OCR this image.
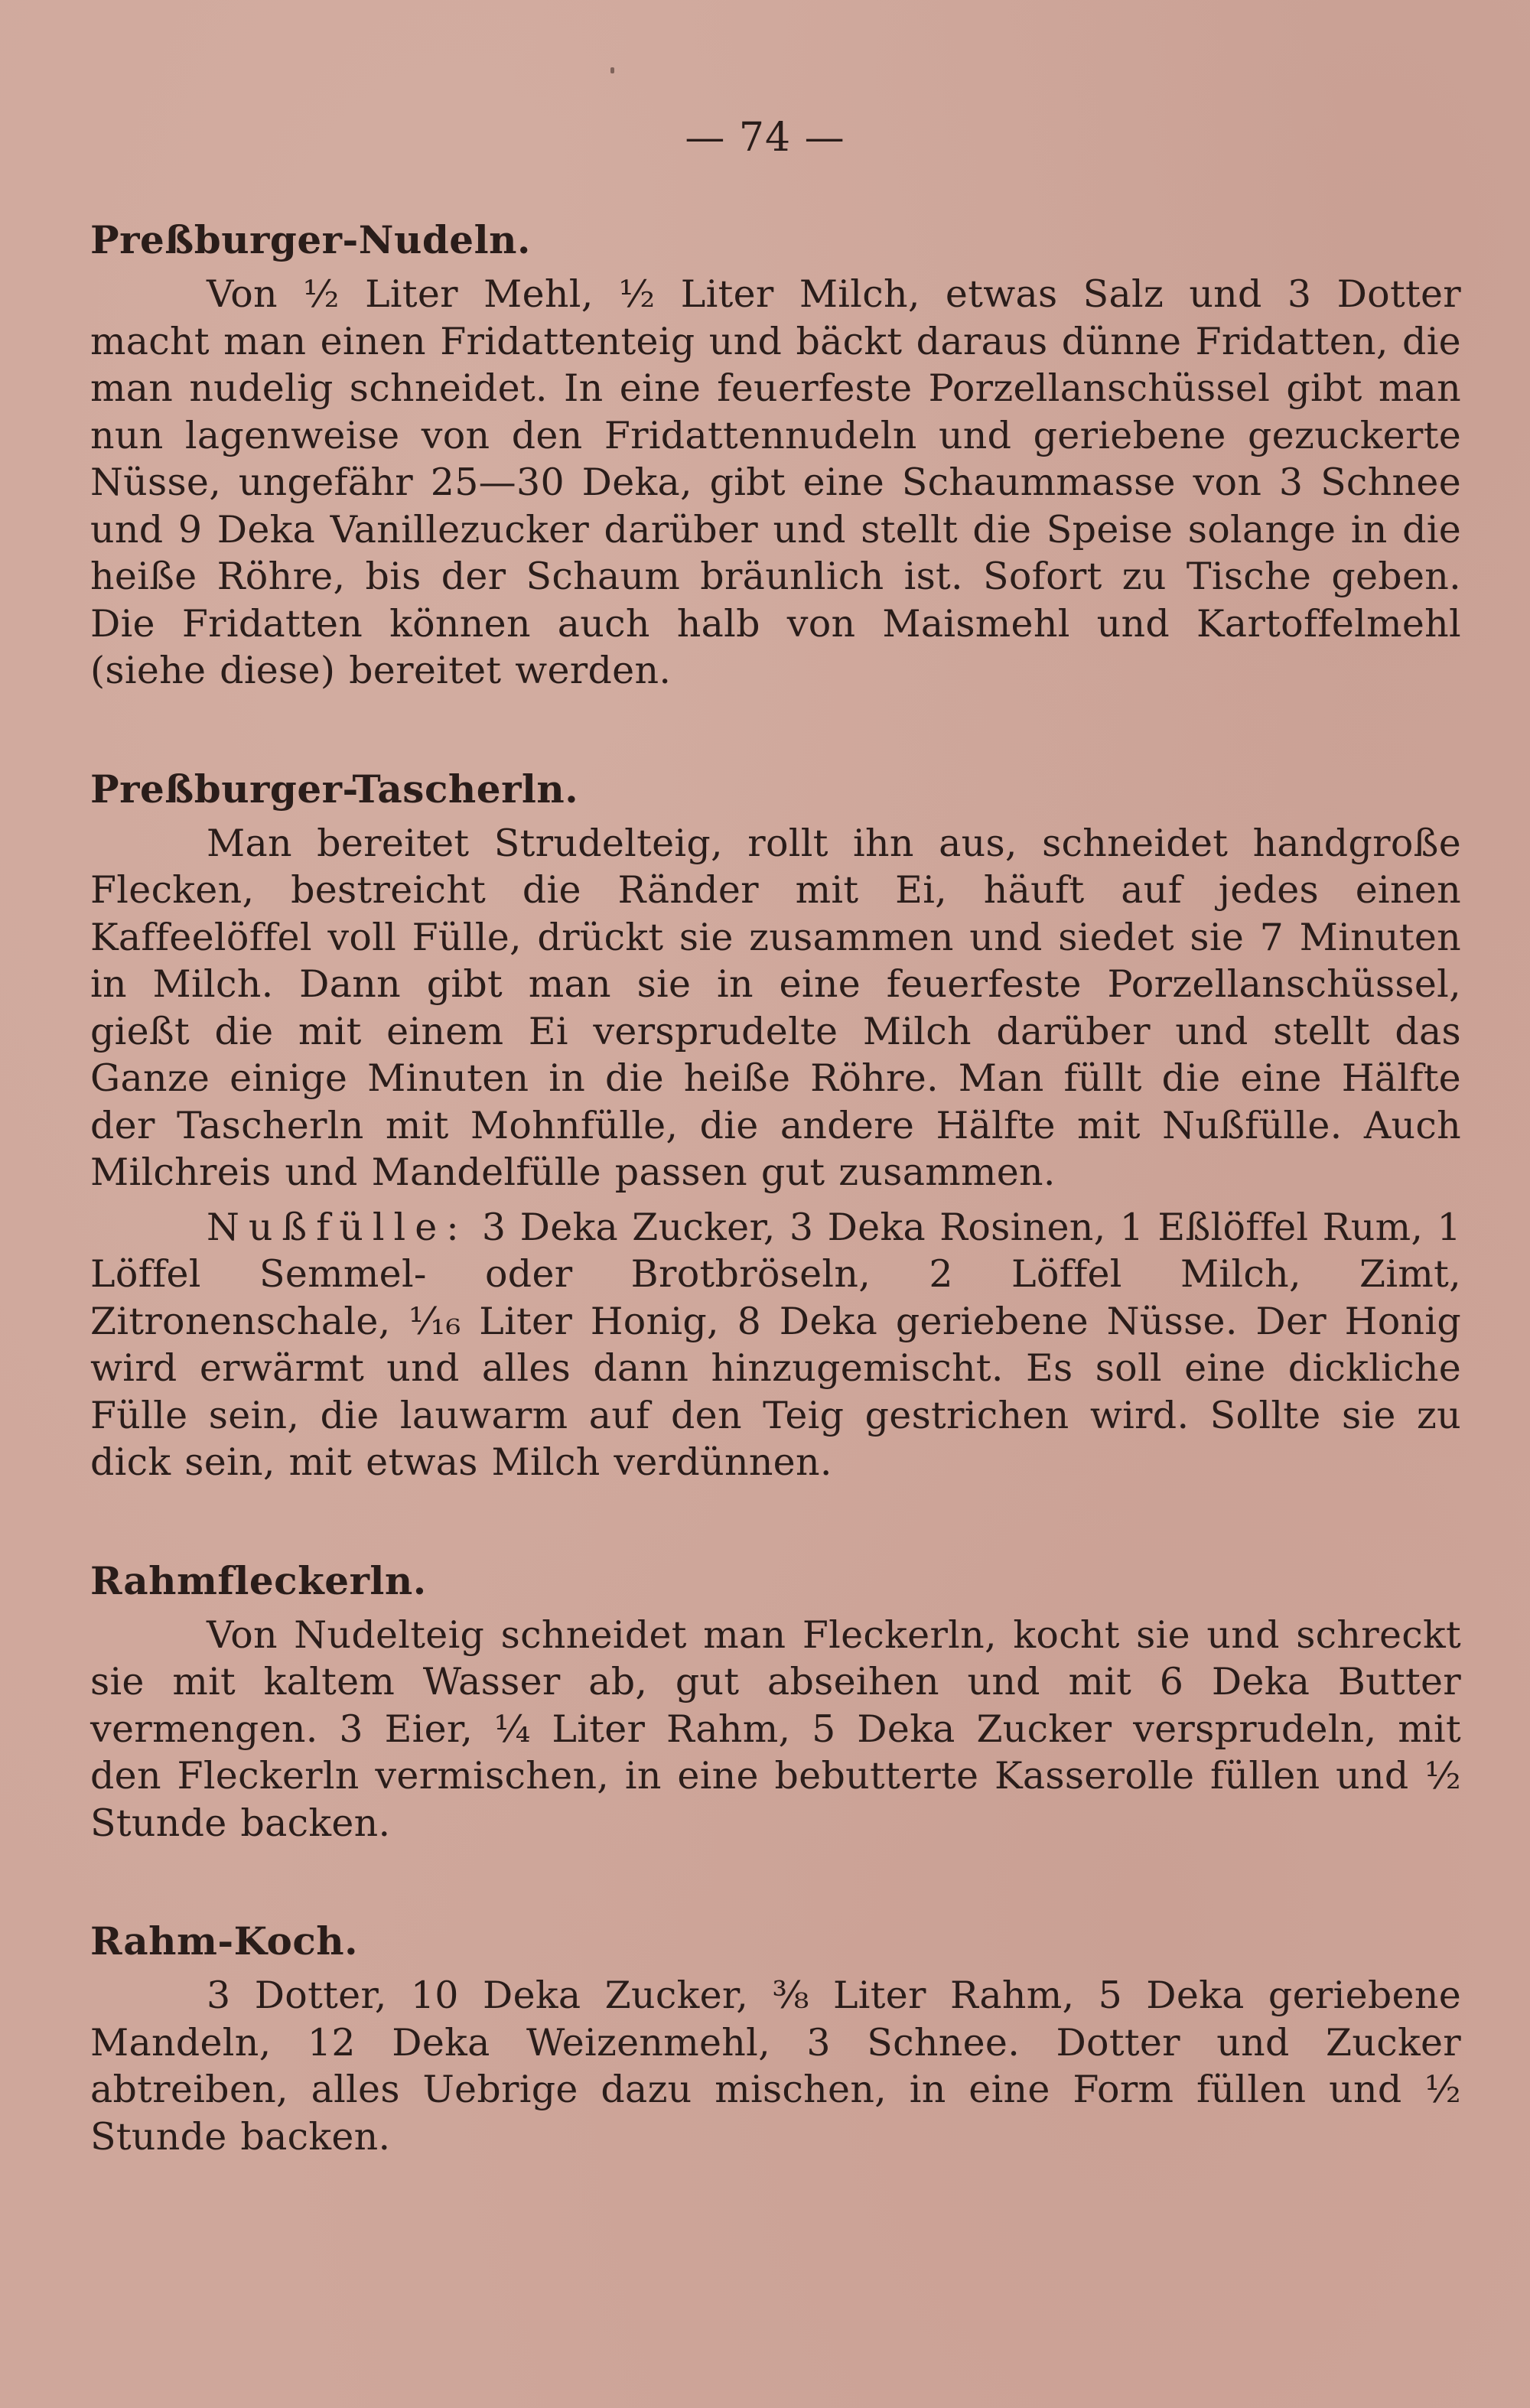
— 74 —
Preßburger-Nudeln.

Von ½ Liter Mehl, ½ Liter Milch, etwas Salz und 3 Dotter macht man einen Fridattenteig und bäckt daraus dünne Fridatten, die man nudelig schneidet. In eine feuerfeste Porzellanschüssel gibt man nun lagenweise von den Fridattennudeln und geriebene gezuckerte Nüsse, ungefähr 25—30 Deka, gibt eine Schaummasse von 3 Schnee und 9 Deka Vanillezucker darüber und stellt die Speise solange in die heiße Röhre, bis der Schaum bräunlich ist. Sofort zu Tische geben. Die Fridatten können auch halb von Maismehl und Kartoffelmehl (siehe diese) bereitet werden.

Preßburger-Tascherln.

Man bereitet Strudelteig, rollt ihn aus, schneidet handgroße Flecken, bestreicht die Ränder mit Ei, häuft auf jedes einen Kaffeelöffel voll Fülle, drückt sie zusammen und siedet sie 7 Minuten in Milch. Dann gibt man sie in eine feuerfeste Porzellanschüssel, gießt die mit einem Ei versprudelte Milch darüber und stellt das Ganze einige Minuten in die heiße Röhre. Man füllt die eine Hälfte der Tascherln mit Mohnfülle, die andere Hälfte mit Nußfülle. Auch Milchreis und Mandelfülle passen gut zusammen.

Nußfülle: 3 Deka Zucker, 3 Deka Rosinen, 1 Eßlöffel Rum, 1 Löffel Semmel- oder Brotbröseln, 2 Löffel Milch, Zimt, Zitronenschale, ¹⁄₁₆ Liter Honig, 8 Deka geriebene Nüsse. Der Honig wird erwärmt und alles dann hinzugemischt. Es soll eine dickliche Fülle sein, die lauwarm auf den Teig gestrichen wird. Sollte sie zu dick sein, mit etwas Milch verdünnen.

Rahmfleckerln.

Von Nudelteig schneidet man Fleckerln, kocht sie und schreckt sie mit kaltem Wasser ab, gut abseihen und mit 6 Deka Butter vermengen. 3 Eier, ¼ Liter Rahm, 5 Deka Zucker versprudeln, mit den Fleckerln vermischen, in eine bebutterte Kasserolle füllen und ½ Stunde backen.

Rahm-Koch.

3 Dotter, 10 Deka Zucker, ³⁄₈ Liter Rahm, 5 Deka geriebene Mandeln, 12 Deka Weizenmehl, 3 Schnee. Dotter und Zucker abtreiben, alles Uebrige dazu mischen, in eine Form füllen und ½ Stunde backen.
